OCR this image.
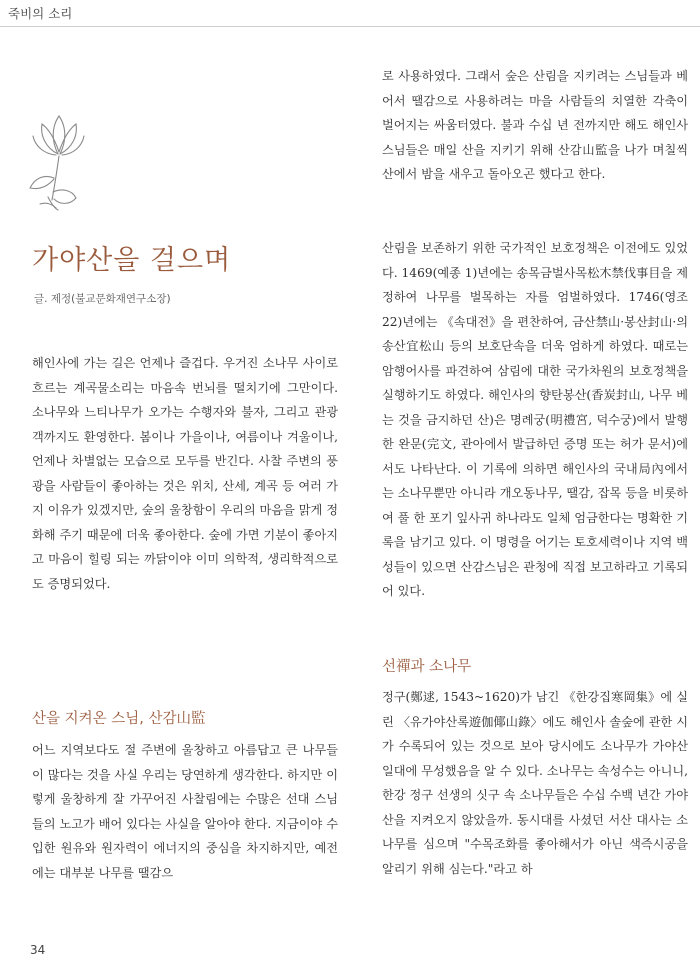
죽비의 소리
가야산을 걸으며
글. 제정(불교문화재연구소장)

해인사에 가는 길은 언제나 즐겁다. 우거진 소나무 사이로 흐르는 계곡물소리는 마음속 번뇌를 떨치기에 그만이다. 소나무와 느티나무가 오가는 수행자와 불자, 그리고 관광객까지도 환영한다. 봄이나 가을이나, 여름이나 겨울이나, 언제나 차별없는 모습으로 모두를 반긴다. 사찰 주변의 풍광을 사람들이 좋아하는 것은 위치, 산세, 계곡 등 여러 가지 이유가 있겠지만, 숲의 울창함이 우리의 마음을 맑게 정화해 주기 때문에 더욱 좋아한다. 숲에 가면 기분이 좋아지고 마음이 힐링 되는 까닭이야 이미 의학적, 생리학적으로도 증명되었다.

산을 지켜온 스님, 산감山監

어느 지역보다도 절 주변에 울창하고 아름답고 큰 나무들이 많다는 것을 사실 우리는 당연하게 생각한다. 하지만 이렇게 울창하게 잘 가꾸어진 사찰림에는 수많은 선대 스님들의 노고가 배어 있다는 사실을 알아야 한다. 지금이야 수입한 원유와 원자력이 에너지의 중심을 차지하지만, 예전에는 대부분 나무를 땔감으

로 사용하였다. 그래서 숲은 산림을 지키려는 스님들과 베어서 땔감으로 사용하려는 마을 사람들의 치열한 각축이 벌어지는 싸움터였다. 불과 수십 년 전까지만 해도 해인사 스님들은 매일 산을 지키기 위해 산감山監을 나가 며칠씩 산에서 밤을 새우고 돌아오곤 했다고 한다.

산림을 보존하기 위한 국가적인 보호정책은 이전에도 있었다. 1469(예종 1)년에는 송목금벌사목松木禁伐事目을 제정하여 나무를 벌목하는 자를 엄벌하였다. 1746(영조 22)년에는 《속대전》을 편찬하여, 금산禁山·봉산封山·의송산宜松山 등의 보호단속을 더욱 엄하게 하였다. 때로는 암행어사를 파견하여 삼림에 대한 국가차원의 보호정책을 실행하기도 하였다. 해인사의 향탄봉산(香炭封山, 나무 베는 것을 금지하던 산)은 명례궁(明禮宮, 덕수궁)에서 발행한 완문(完文, 관아에서 발급하던 증명 또는 허가 문서)에서도 나타난다. 이 기록에 의하면 해인사의 국내局內에서는 소나무뿐만 아니라 개오동나무, 땔감, 잡목 등을 비롯하여 풀 한 포기 잎사귀 하나라도 일체 엄금한다는 명확한 기록을 남기고 있다. 이 명령을 어기는 토호세력이나 지역 백성들이 있으면 산감스님은 관청에 직접 보고하라고 기록되어 있다.

선禪과 소나무

정구(鄭逑, 1543~1620)가 남긴 《한강집寒岡集》에 실린 〈유가야산록遊伽倻山錄〉에도 해인사 솔숲에 관한 시가 수록되어 있는 것으로 보아 당시에도 소나무가 가야산 일대에 무성했음을 알 수 있다. 소나무는 속성수는 아니니, 한강 정구 선생의 싯구 속 소나무들은 수십 수백 년간 가야산을 지켜오지 않았을까. 동시대를 사셨던 서산 대사는 소나무를 심으며 "수목조화를 좋아해서가 아닌 색즉시공을 알리기 위해 심는다."라고 하

34
